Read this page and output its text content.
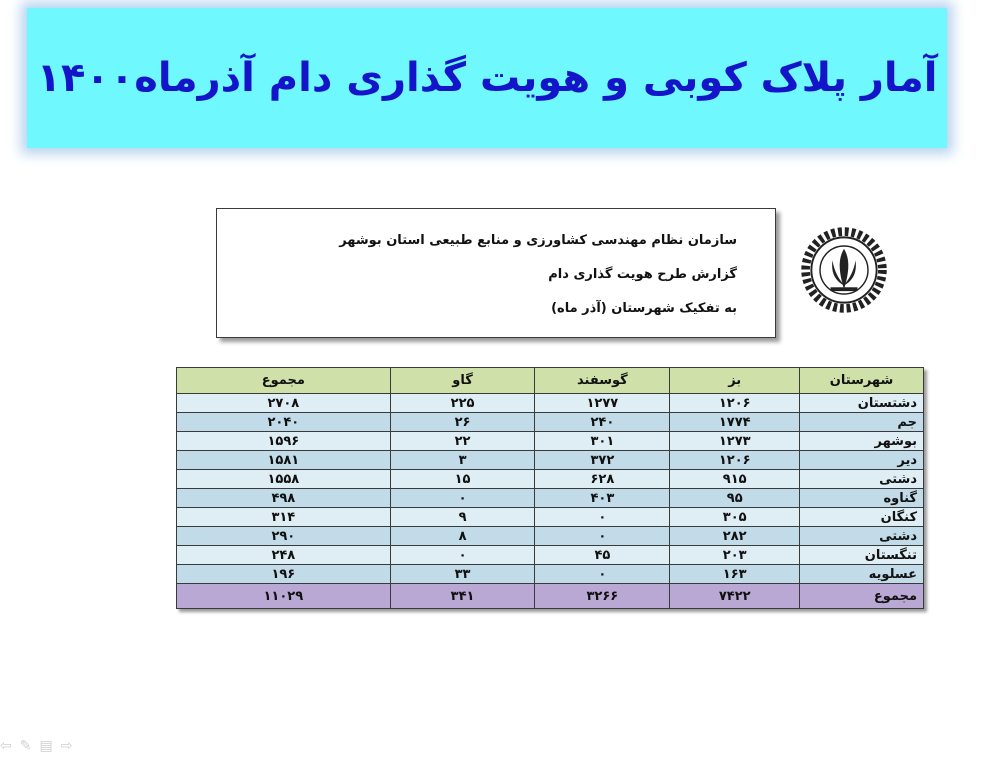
آمار پلاک کوبی و هویت گذاری دام آذرماه۱۴۰۰
سازمان نظام مهندسی کشاورزی و منابع طبیعی استان بوشهر
گزارش طرح هویت گذاری دام
به تفکیک شهرستان (آذر ماه)
شهرستان	بز	گوسفند	گاو	مجموع
دشتستان	۱۲۰۶	۱۲۷۷	۲۲۵	۲۷۰۸
جم	۱۷۷۴	۲۴۰	۲۶	۲۰۴۰
بوشهر	۱۲۷۳	۳۰۱	۲۲	۱۵۹۶
دیر	۱۲۰۶	۳۷۲	۳	۱۵۸۱
دشتی	۹۱۵	۶۲۸	۱۵	۱۵۵۸
گناوه	۹۵	۴۰۳	۰	۴۹۸
کنگان	۳۰۵	۰	۹	۳۱۴
دشتی	۲۸۲	۰	۸	۲۹۰
تنگستان	۲۰۳	۴۵	۰	۲۴۸
عسلویه	۱۶۳	۰	۳۳	۱۹۶
مجموع	۷۴۲۲	۳۲۶۶	۳۴۱	۱۱۰۲۹
⇦ ✎ ▤ ⇨
